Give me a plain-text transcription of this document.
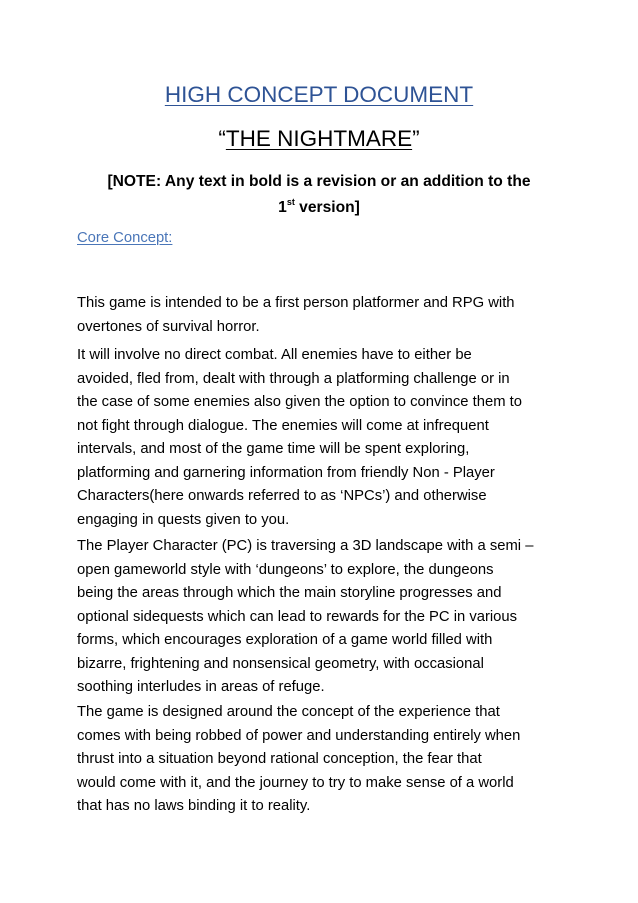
HIGH CONCEPT DOCUMENT
“THE NIGHTMARE”
[NOTE: Any text in bold is a revision or an addition to the
1st version]
Core Concept:
This game is intended to be a first person platformer and RPG with
overtones of survival horror.
It will involve no direct combat. All enemies have to either be
avoided, fled from, dealt with through a platforming challenge or in
the case of some enemies also given the option to convince them to
not fight through dialogue. The enemies will come at infrequent
intervals, and most of the game time will be spent exploring,
platforming and garnering information from friendly Non - Player
Characters(here onwards referred to as ‘NPCs’) and otherwise
engaging in quests given to you.
The Player Character (PC) is traversing a 3D landscape with a semi –
open gameworld style with ‘dungeons’ to explore, the dungeons
being the areas through which the main storyline progresses and
optional sidequests which can lead to rewards for the PC in various
forms, which encourages exploration of a game world filled with
bizarre, frightening and nonsensical geometry, with occasional
soothing interludes in areas of refuge.
The game is designed around the concept of the experience that
comes with being robbed of power and understanding entirely when
thrust into a situation beyond rational conception, the fear that
would come with it, and the journey to try to make sense of a world
that has no laws binding it to reality.
